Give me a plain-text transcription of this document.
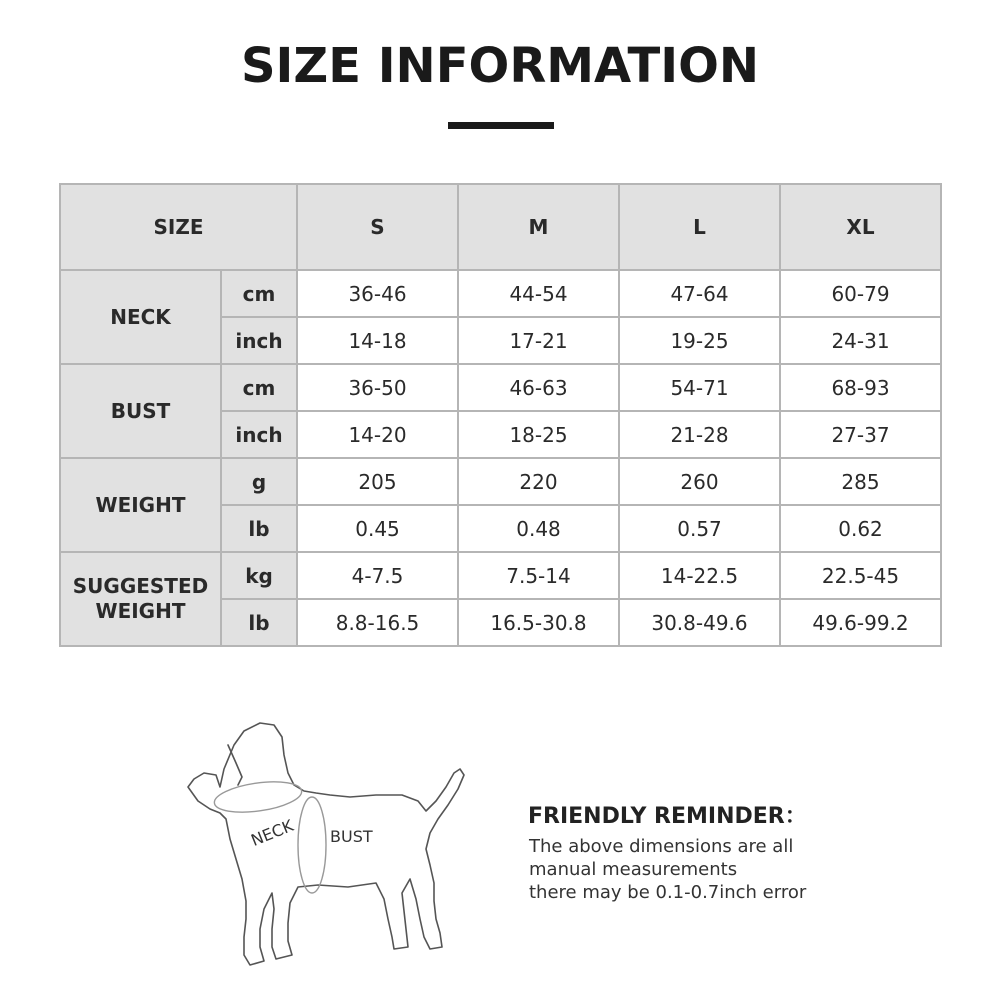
SIZE INFORMATION
SIZE		S	M	L	XL
NECK	cm	36-46	44-54	47-64	60-79
	inch	14-18	17-21	19-25	24-31
BUST	cm	36-50	46-63	54-71	68-93
	inch	14-20	18-25	21-28	27-37
WEIGHT	g	205	220	260	285
	lb	0.45	0.48	0.57	0.62
SUGGESTED
WEIGHT	kg	4-7.5	7.5-14	14-22.5	22.5-45
	lb	8.8-16.5	16.5-30.8	30.8-49.6	49.6-99.2
NECK BUST
FRIENDLY REMINDER：
The above dimensions are all
manual measurements
there may be 0.1-0.7inch error
